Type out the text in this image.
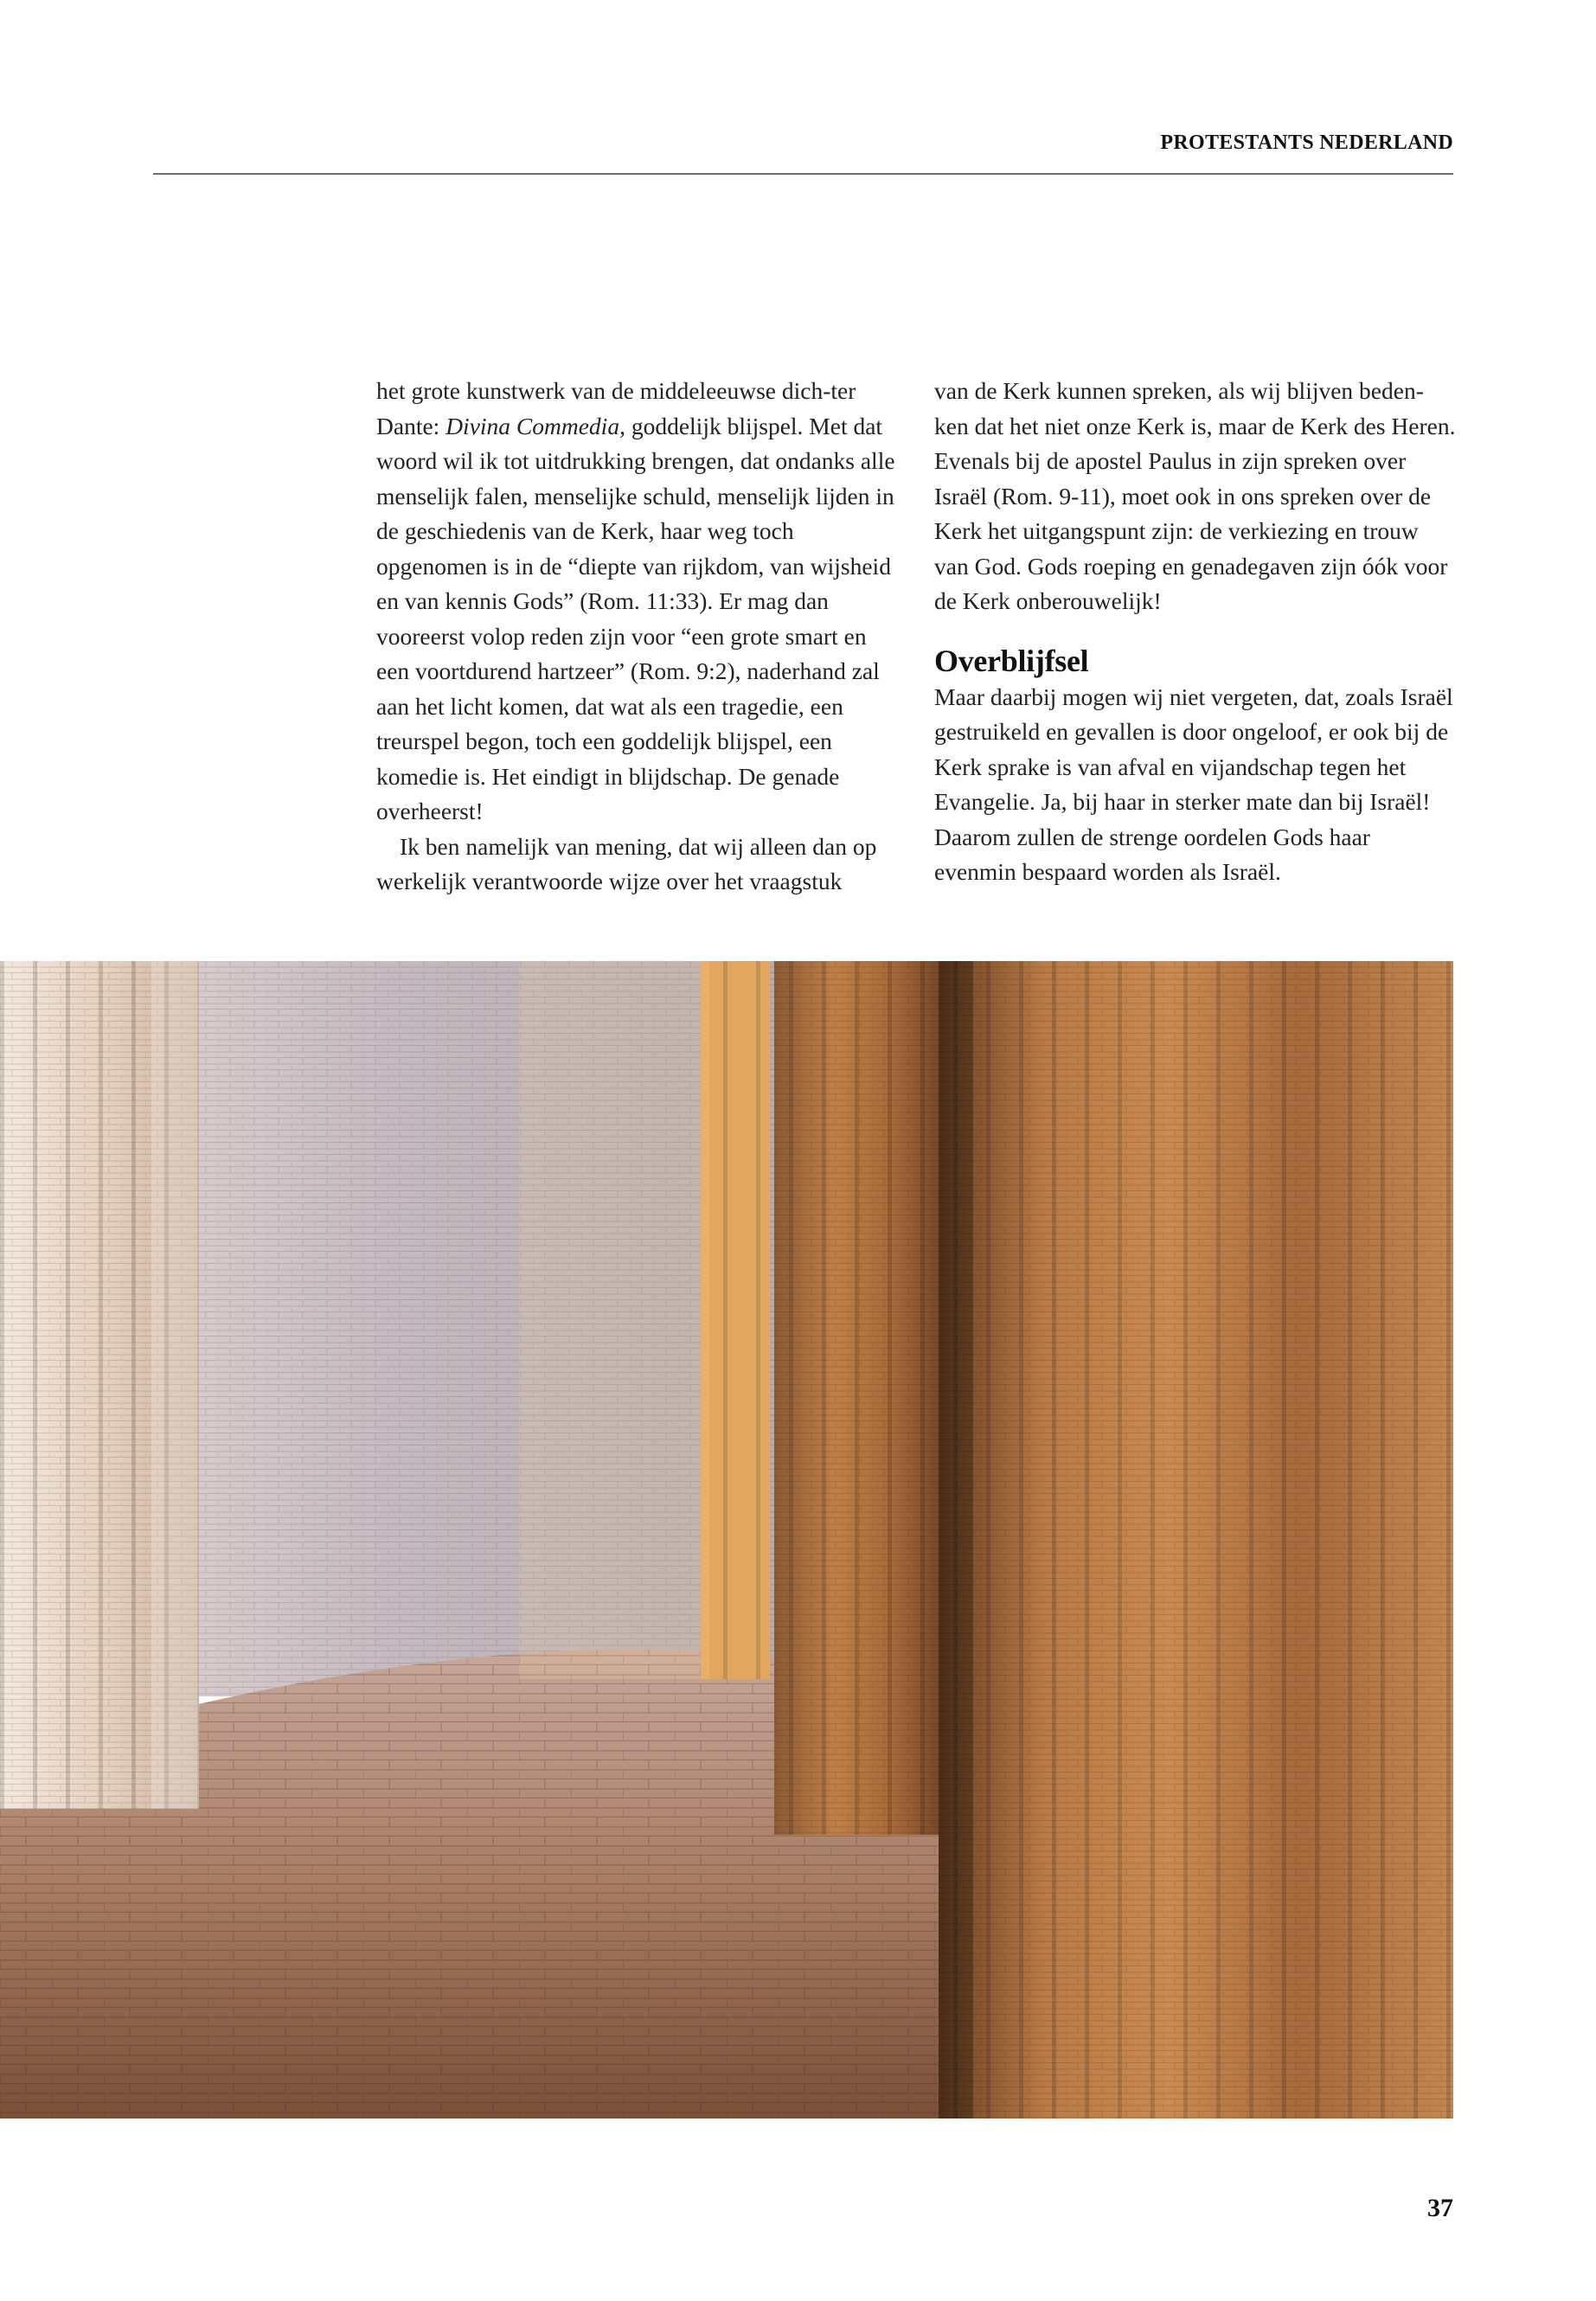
PROTESTANTS NEDERLAND

het grote kunstwerk van de middeleeuwse dich-ter Dante: Divina Commedia, goddelijk blijspel. Met dat woord wil ik tot uitdrukking brengen, dat ondanks alle menselijk falen, menselijke schuld, menselijk lijden in de geschiedenis van de Kerk, haar weg toch opgenomen is in de “diepte van rijkdom, van wijsheid en van kennis Gods” (Rom. 11:33). Er mag dan vooreerst volop reden zijn voor “een grote smart en een voortdurend hartzeer” (Rom. 9:2), naderhand zal aan het licht komen, dat wat als een tragedie, een treurspel begon, toch een goddelijk blijspel, een komedie is. Het eindigt in blijdschap. De genade overheerst!

Ik ben namelijk van mening, dat wij alleen dan op werkelijk verantwoorde wijze over het vraagstuk

van de Kerk kunnen spreken, als wij blijven beden-ken dat het niet onze Kerk is, maar de Kerk des Heren. Evenals bij de apostel Paulus in zijn spreken over Israël (Rom. 9-11), moet ook in ons spreken over de Kerk het uitgangspunt zijn: de verkiezing en trouw van God. Gods roeping en genadegaven zijn óók voor de Kerk onberouwelijk!

Overblijfsel

Maar daarbij mogen wij niet vergeten, dat, zoals Israël gestruikeld en gevallen is door ongeloof, er ook bij de Kerk sprake is van afval en vijandschap tegen het Evangelie. Ja, bij haar in sterker mate dan bij Israël! Daarom zullen de strenge oordelen Gods haar evenmin bespaard worden als Israël.

37
